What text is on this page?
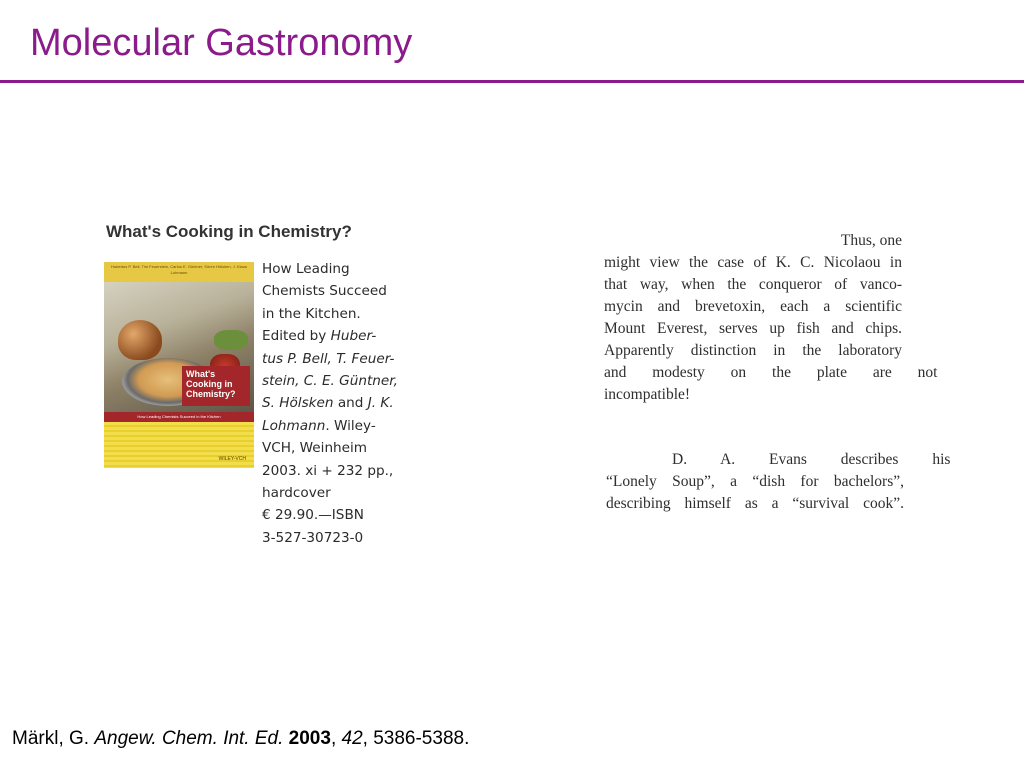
Molecular Gastronomy
What's Cooking in Chemistry?
Hubertus P. Bell, Tim Feuerstein, Carlos E. Güntner, Sören Hölsken, J. Klaus Lohmann
What's Cooking in Chemistry?
How Leading Chemists Succeed in the Kitchen
WILEY-VCH

How Leading

Chemists Succeed

in the Kitchen.

Edited by Huber-

tus P. Bell, T. Feuer-

stein, C. E. Güntner,

S. Hölsken and J. K.

Lohmann. Wiley-

VCH, Weinheim

2003. xi + 232 pp.,

hardcover

€ 29.90.—ISBN

3-527-30723-0

Thus, one

might view the case of K. C. Nicolaou in

that way, when the conqueror of vanco-

mycin and brevetoxin, each a scientific

Mount Everest, serves up fish and chips.

Apparently distinction in the laboratory

and modesty on the plate are not

incompatible!

D. A. Evans describes his

“Lonely Soup”, a “dish for bachelors”,

describing himself as a “survival cook”.

Märkl, G. Angew. Chem. Int. Ed. 2003, 42, 5386-5388.
